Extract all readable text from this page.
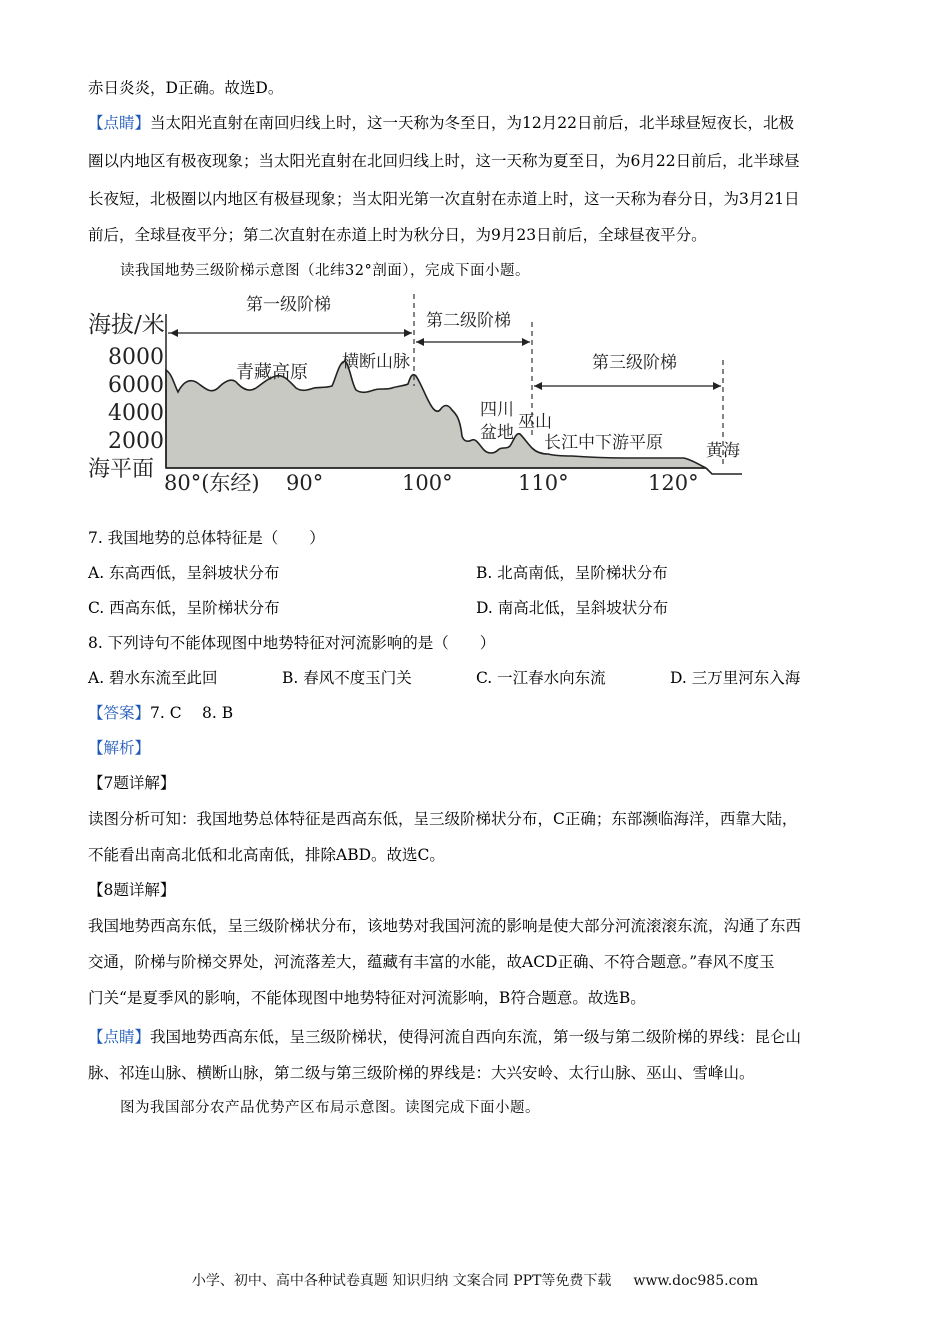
赤日炎炎，D正确。故选D。
【点睛】当太阳光直射在南回归线上时，这一天称为冬至日，为12月22日前后，北半球昼短夜长，北极
圈以内地区有极夜现象；当太阳光直射在北回归线上时，这一天称为夏至日，为6月22日前后，北半球昼
长夜短，北极圈以内地区有极昼现象；当太阳光第一次直射在赤道上时，这一天称为春分日，为3月21日
前后，全球昼夜平分；第二次直射在赤道上时为秋分日，为9月23日前后，全球昼夜平分。
读我国地势三级阶梯示意图（北纬32°剖面），完成下面小题。
海拔/米
8000
6000
4000
2000
海平面
80°(东经) 90°	100°	110°	120°
第一级阶梯
第二级阶梯
第三级阶梯
青藏高原 横断山脉
四川
盆地
巫山
长江中下游平原	黄海
7. 我国地势的总体特征是（　　）
A. 东高西低，呈斜坡状分布	B. 北高南低，呈阶梯状分布
C. 西高东低，呈阶梯状分布	D. 南高北低，呈斜坡状分布
8. 下列诗句不能体现图中地势特征对河流影响的是（　　）
A. 碧水东流至此回	B. 春风不度玉门关	C. 一江春水向东流	D. 三万里河东入海
【答案】7. C　 8. B
【解析】
【7题详解】
读图分析可知：我国地势总体特征是西高东低，呈三级阶梯状分布，C正确；东部濒临海洋，西靠大陆，
不能看出南高北低和北高南低，排除ABD。故选C。
【8题详解】
我国地势西高东低，呈三级阶梯状分布，该地势对我国河流的影响是使大部分河流滚滚东流，沟通了东西
交通，阶梯与阶梯交界处，河流落差大，蕴藏有丰富的水能，故ACD正确、不符合题意。”春风不度玉
门关“是夏季风的影响，不能体现图中地势特征对河流影响，B符合题意。故选B。
【点睛】我国地势西高东低，呈三级阶梯状，使得河流自西向东流，第一级与第二级阶梯的界线：昆仑山
脉、祁连山脉、横断山脉，第二级与第三级阶梯的界线是：大兴安岭、太行山脉、巫山、雪峰山。
图为我国部分农产品优势产区布局示意图。读图完成下面小题。
小学、初中、高中各种试卷真题 知识归纳 文案合同 PPT等免费下载 www.doc985.com
